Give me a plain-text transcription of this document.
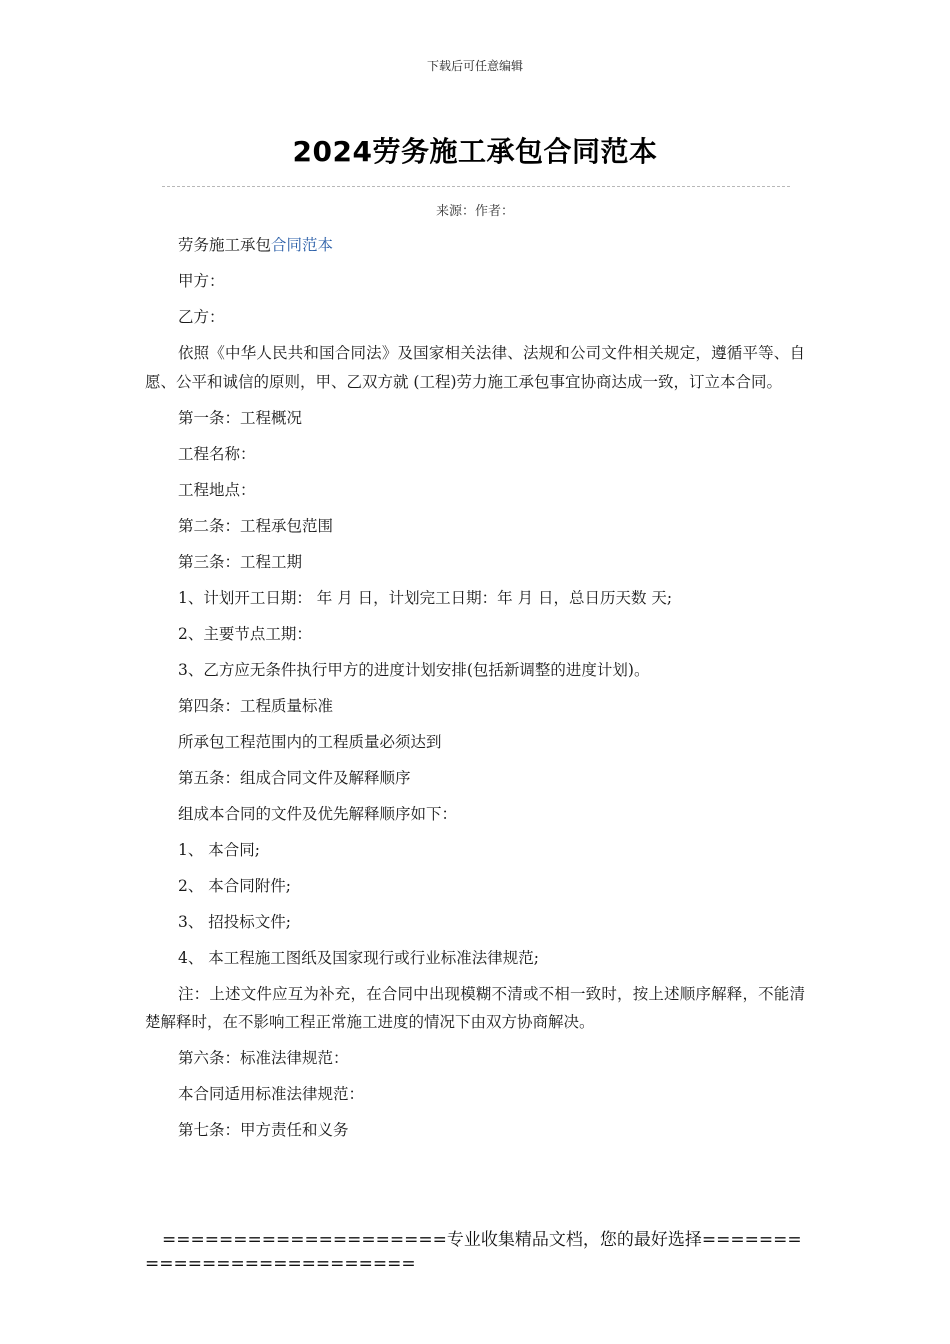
下载后可任意编辑
2024劳务施工承包合同范本
来源：作者：

劳务施工承包合同范本

甲方：

乙方：

依照《中华人民共和国合同法》及国家相关法律、法规和公司文件相关规定，遵循平等、自愿、公平和诚信的原则，甲、乙双方就 (工程)劳力施工承包事宜协商达成一致，订立本合同。

第一条：工程概况

工程名称：

工程地点：

第二条：工程承包范围

第三条：工程工期

1、计划开工日期： 年 月 日，计划完工日期：年 月 日，总日历天数 天;

2、主要节点工期：

3、乙方应无条件执行甲方的进度计划安排(包括新调整的进度计划)。

第四条：工程质量标准

所承包工程范围内的工程质量必须达到

第五条：组成合同文件及解释顺序

组成本合同的文件及优先解释顺序如下：

1、 本合同;

2、 本合同附件;

3、 招投标文件;

4、 本工程施工图纸及国家现行或行业标准法律规范;

注：上述文件应互为补充，在合同中出现模糊不清或不相一致时，按上述顺序解释，不能清楚解释时，在不影响工程正常施工进度的情况下由双方协商解决。

第六条：标准法律规范：

本合同适用标准法律规范：

第七条：甲方责任和义务

====================专业收集精品文档，您的最好选择==========================
